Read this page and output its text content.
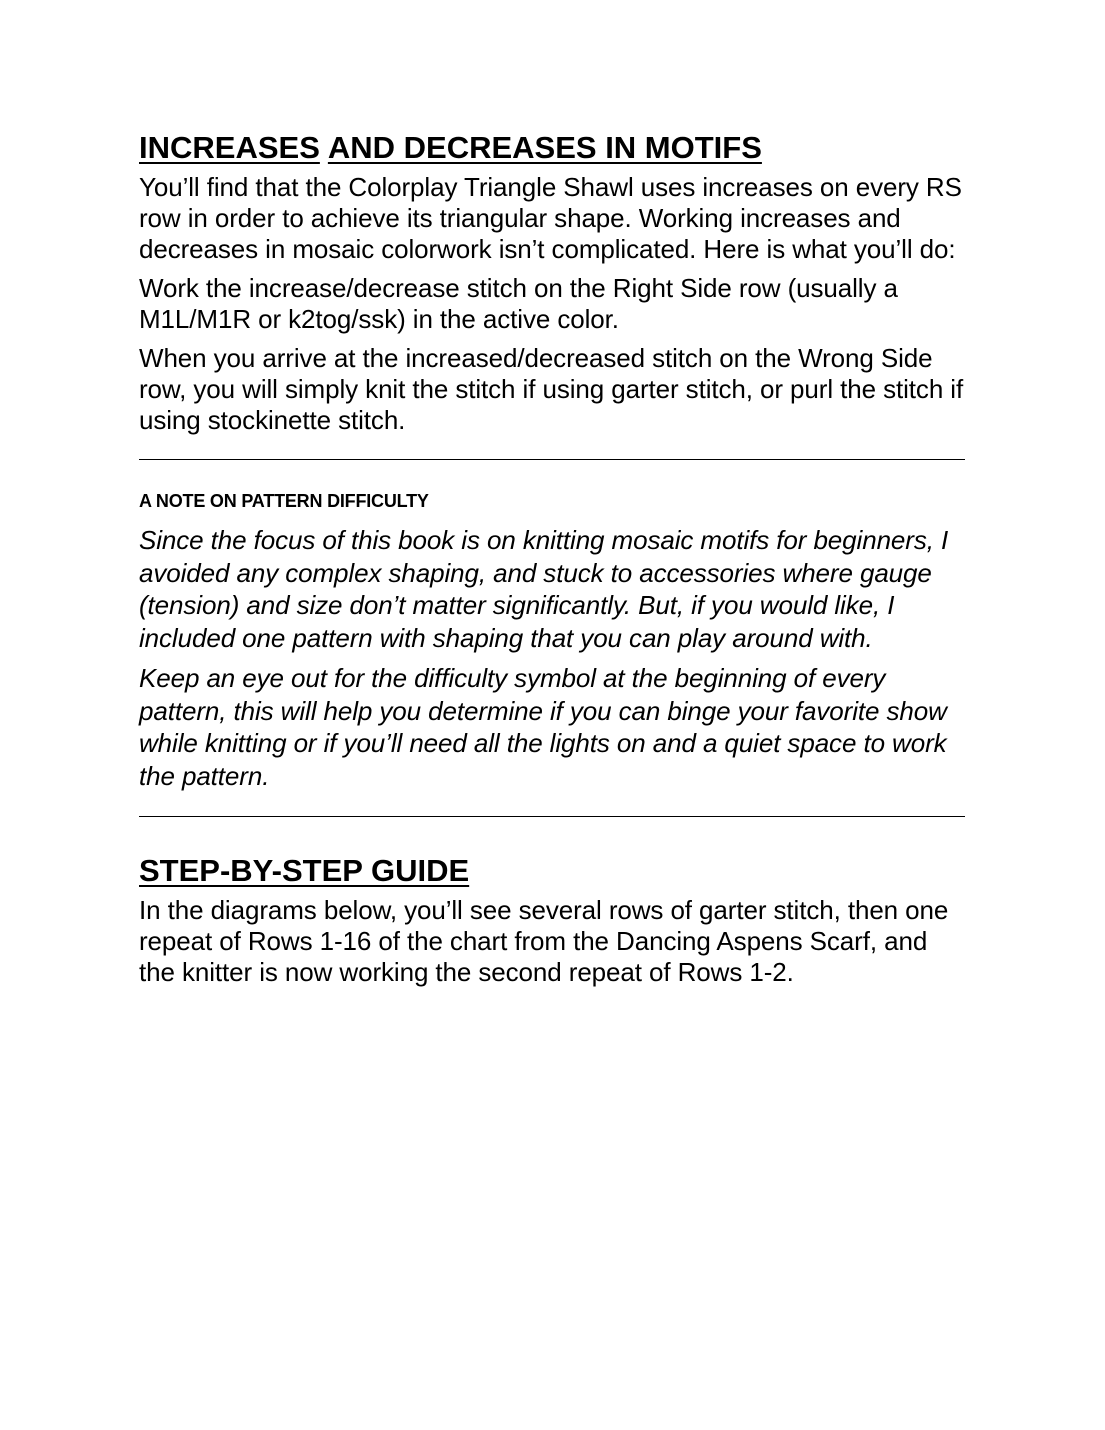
INCREASES AND DECREASES IN MOTIFS

You’ll find that the Colorplay Triangle Shawl uses increases on every RS row in order to achieve its triangular shape. Working increases and decreases in mosaic colorwork isn’t complicated. Here is what you’ll do:

Work the increase/decrease stitch on the Right Side row (usually a M1L/M1R or k2tog/ssk) in the active color.

When you arrive at the increased/decreased stitch on the Wrong Side row, you will simply knit the stitch if using garter stitch, or purl the stitch if using stockinette stitch.

A NOTE ON PATTERN DIFFICULTY

Since the focus of this book is on knitting mosaic motifs for beginners, I avoided any complex shaping, and stuck to accessories where gauge (tension) and size don’t matter significantly. But, if you would like, I included one pattern with shaping that you can play around with.

Keep an eye out for the difficulty symbol at the beginning of every pattern, this will help you determine if you can binge your favorite show while knitting or if you’ll need all the lights on and a quiet space to work the pattern.

STEP-BY-STEP GUIDE

In the diagrams below, you’ll see several rows of garter stitch, then one repeat of Rows 1-16 of the chart from the Dancing Aspens Scarf, and the knitter is now working the second repeat of Rows 1-2.
